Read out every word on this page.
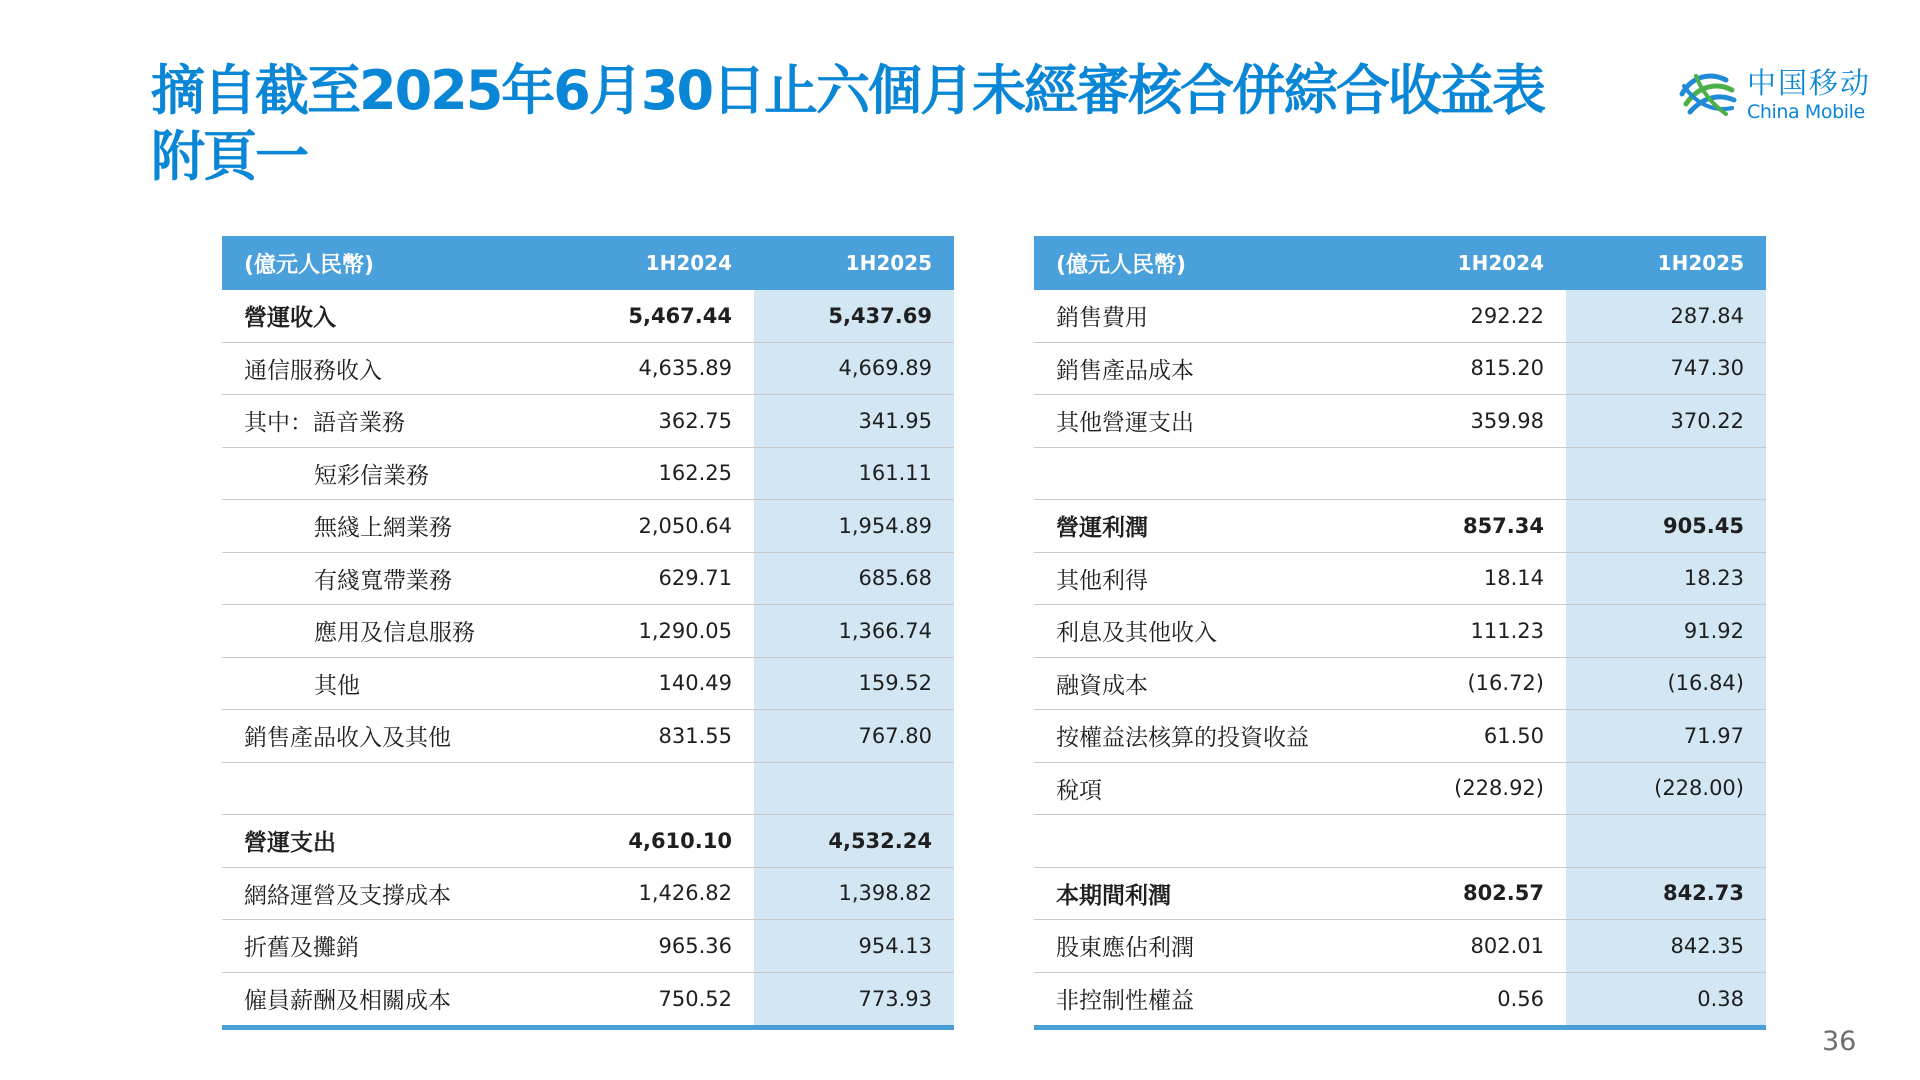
摘自截至2025年6月30日止六個月未經審核合併綜合收益表
附頁一
中国移动
China Mobile
(億元人民幣)	1H2024	1H2025
營運收入	5,467.44	5,437.69
通信服務收入	4,635.89	4,669.89
其中：語音業務	362.75	341.95
短彩信業務	162.25	161.11
無綫上網業務	2,050.64	1,954.89
有綫寬帶業務	629.71	685.68
應用及信息服務	1,290.05	1,366.74
其他	140.49	159.52
銷售產品收入及其他	831.55	767.80
營運支出	4,610.10	4,532.24
網絡運營及支撐成本	1,426.82	1,398.82
折舊及攤銷	965.36	954.13
僱員薪酬及相關成本	750.52	773.93
(億元人民幣)	1H2024	1H2025
銷售費用	292.22	287.84
銷售產品成本	815.20	747.30
其他營運支出	359.98	370.22
營運利潤	857.34	905.45
其他利得	18.14	18.23
利息及其他收入	111.23	91.92
融資成本	(16.72)	(16.84)
按權益法核算的投資收益	61.50	71.97
稅項	(228.92)	(228.00)
本期間利潤	802.57	842.73
股東應佔利潤	802.01	842.35
非控制性權益	0.56	0.38
36
